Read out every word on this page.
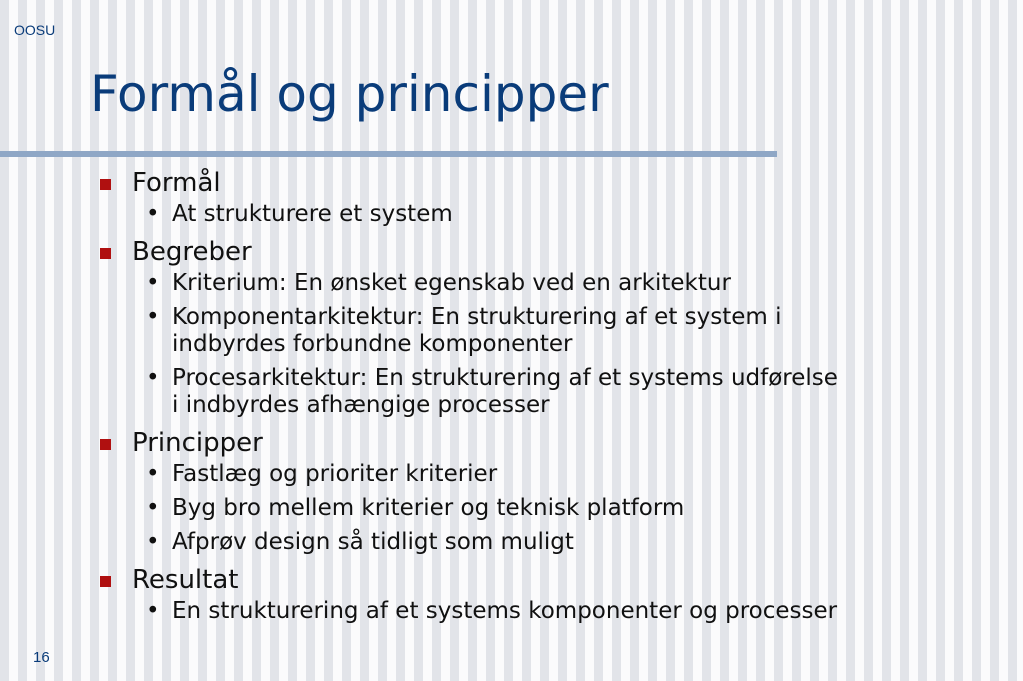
OOSU
Formål og principper
Formål
• At strukturere et system
Begreber
• Kriterium: En ønsket egenskab ved en arkitektur
• Komponentarkitektur: En strukturering af et system i
indbyrdes forbundne komponenter
• Procesarkitektur: En strukturering af et systems udførelse
i indbyrdes afhængige processer
Principper
• Fastlæg og prioriter kriterier
• Byg bro mellem kriterier og teknisk platform
• Afprøv design så tidligt som muligt
Resultat
• En strukturering af et systems komponenter og processer
16
